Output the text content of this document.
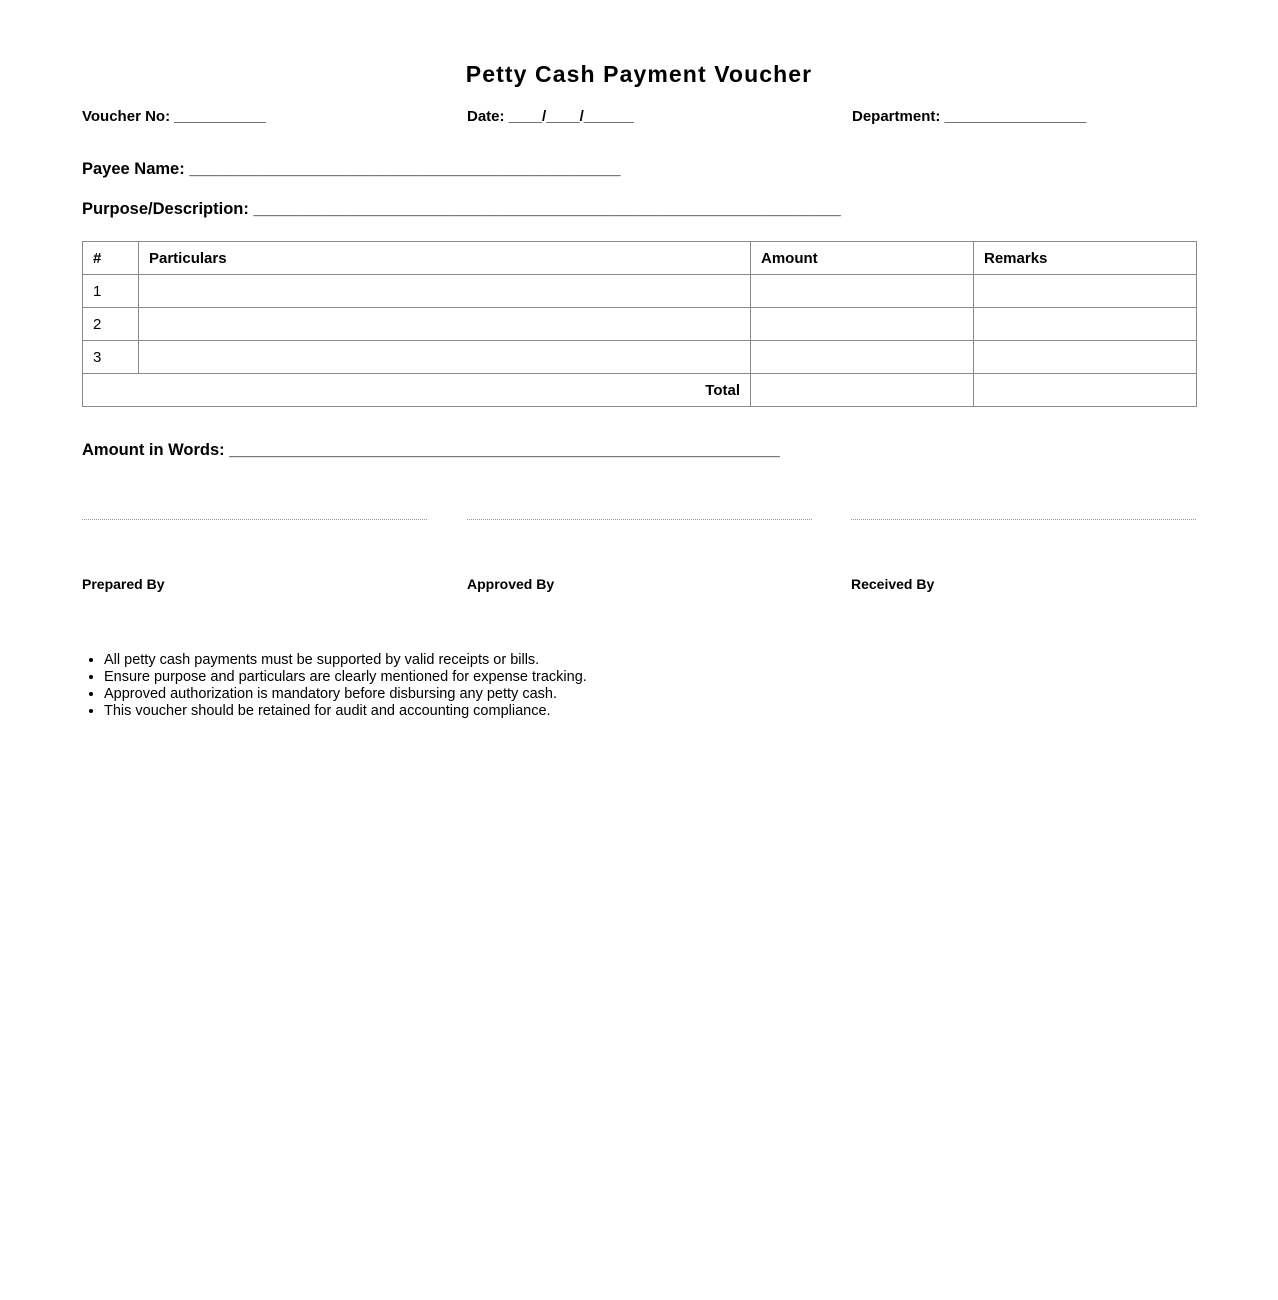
Petty Cash Payment Voucher
Voucher No: ___________	Date: ____/____/______	Department: _________________
Payee Name: _______________________________________________
Purpose/Description: ________________________________________________________________
#	Particulars	Amount	Remarks
1			
2			
3			
Total			
Amount in Words: ____________________________________________________________
Prepared By	Approved By	Received By
• All petty cash payments must be supported by valid receipts or bills.
• Ensure purpose and particulars are clearly mentioned for expense tracking.
• Approved authorization is mandatory before disbursing any petty cash.
• This voucher should be retained for audit and accounting compliance.
